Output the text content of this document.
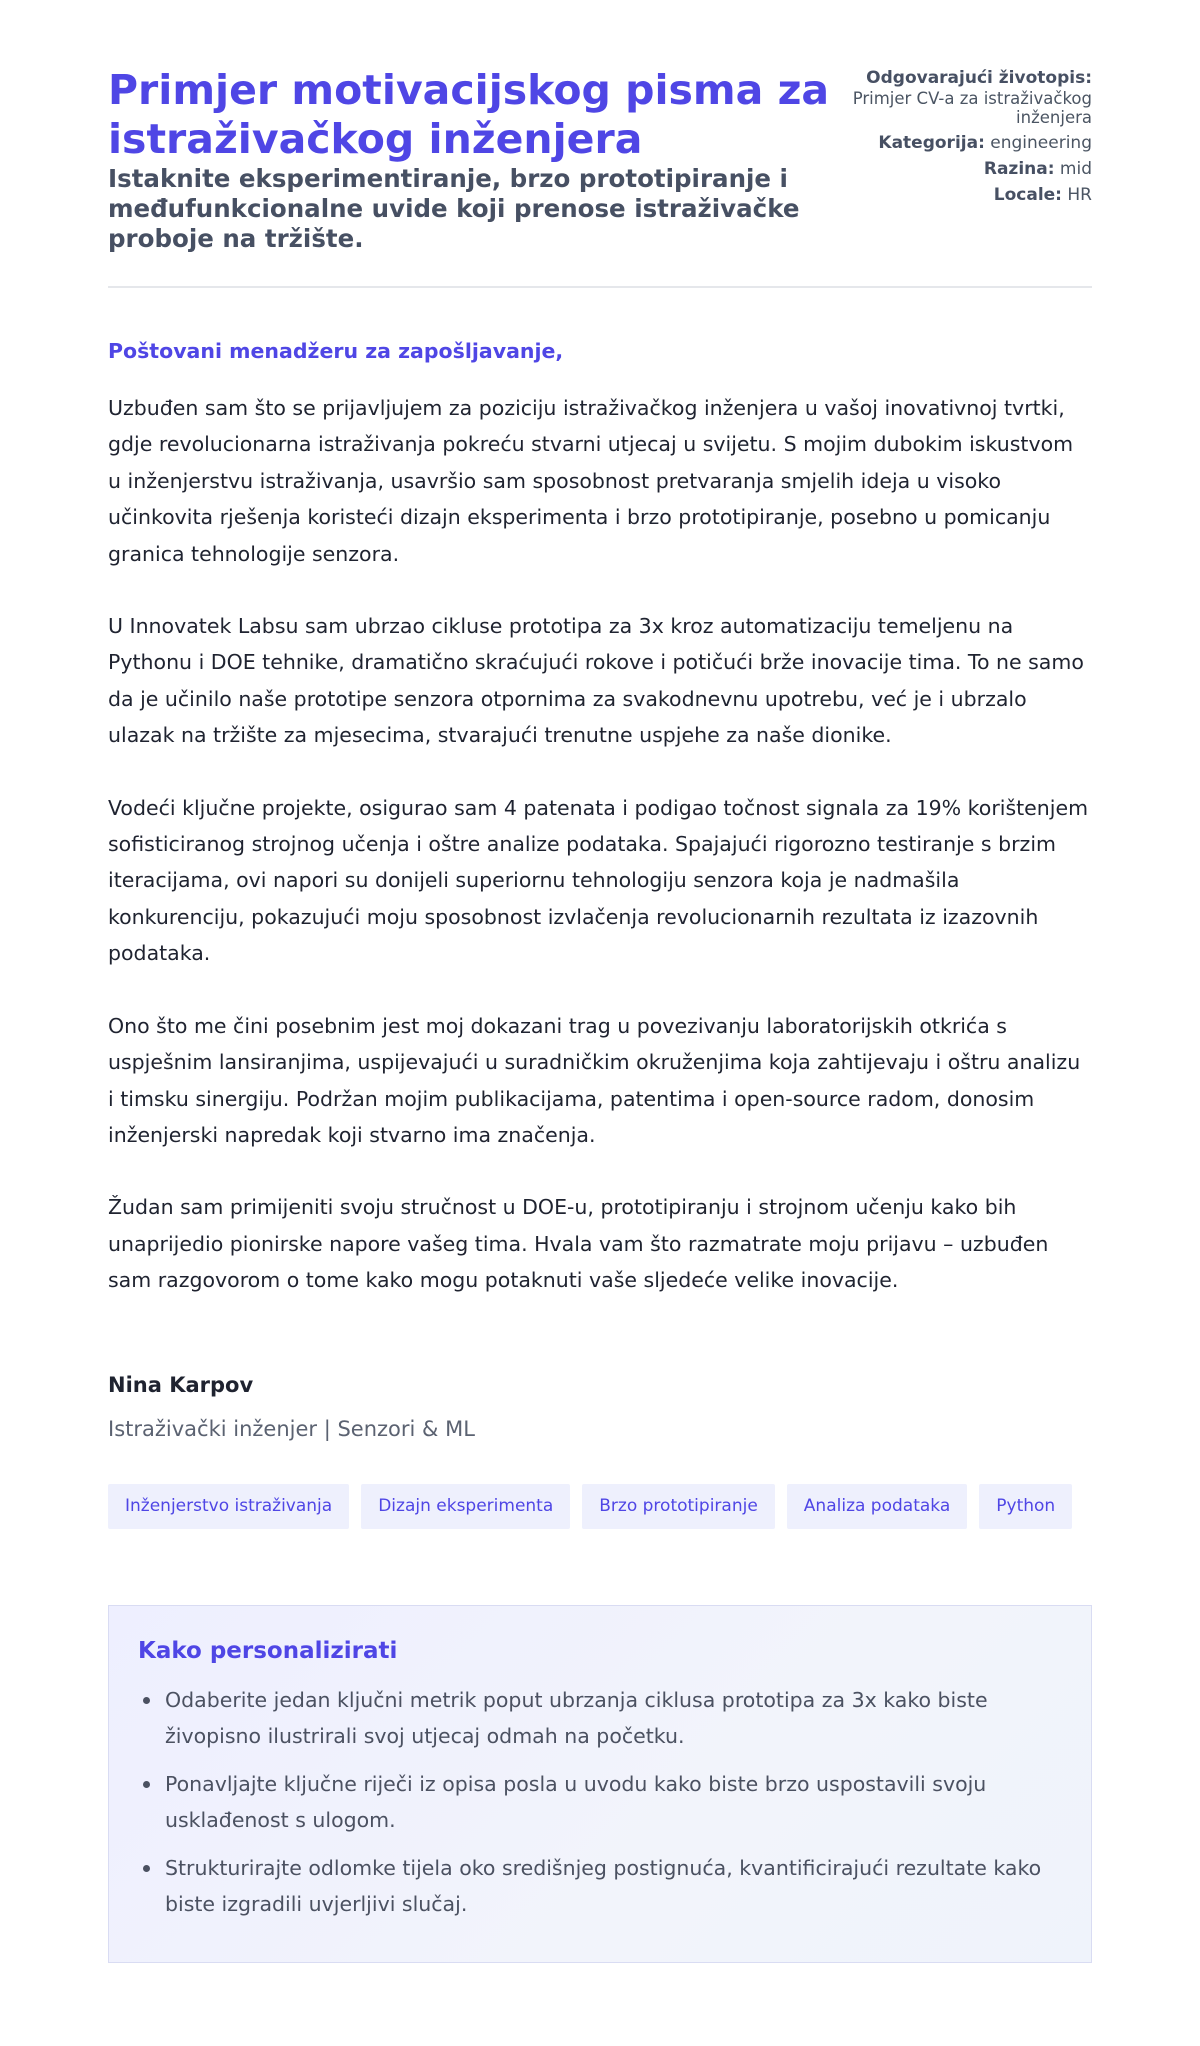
Primjer motivacijskog pisma za istraživačkog inženjera
Istaknite eksperimentiranje, brzo prototipiranje i međufunkcionalne uvide koji prenose istraživačke proboje na tržište.
Odgovarajući životopis:
Primjer CV-a za istraživačkog inženjera
Kategorija: engineering
Razina: mid
Locale: HR

Poštovani menadžeru za zapošljavanje,

Uzbuđen sam što se prijavljujem za poziciju istraživačkog inženjera u vašoj inovativnoj tvrtki, gdje revolucionarna istraživanja pokreću stvarni utjecaj u svijetu. S mojim dubokim iskustvom u inženjerstvu istraživanja, usavršio sam sposobnost pretvaranja smjelih ideja u visoko učinkovita rješenja koristeći dizajn eksperimenta i brzo prototipiranje, posebno u pomicanju granica tehnologije senzora.

U Innovatek Labsu sam ubrzao cikluse prototipa za 3x kroz automatizaciju temeljenu na Pythonu i DOE tehnike, dramatično skraćujući rokove i potičući brže inovacije tima. To ne samo da je učinilo naše prototipe senzora otpornima za svakodnevnu upotrebu, već je i ubrzalo ulazak na tržište za mjesecima, stvarajući trenutne uspjehe za naše dionike.

Vodeći ključne projekte, osigurao sam 4 patenata i podigao točnost signala za 19% korištenjem sofisticiranog strojnog učenja i oštre analize podataka. Spajajući rigorozno testiranje s brzim iteracijama, ovi napori su donijeli superiornu tehnologiju senzora koja je nadmašila konkurenciju, pokazujući moju sposobnost izvlačenja revolucionarnih rezultata iz izazovnih podataka.

Ono što me čini posebnim jest moj dokazani trag u povezivanju laboratorijskih otkrića s uspješnim lansiranjima, uspijevajući u suradničkim okruženjima koja zahtijevaju i oštru analizu i timsku sinergiju. Podržan mojim publikacijama, patentima i open-source radom, donosim inženjerski napredak koji stvarno ima značenja.

Žudan sam primijeniti svoju stručnost u DOE-u, prototipiranju i strojnom učenju kako bih unaprijedio pionirske napore vašeg tima. Hvala vam što razmatrate moju prijavu – uzbuđen sam razgovorom o tome kako mogu potaknuti vaše sljedeće velike inovacije.

Nina Karpov

Istraživački inženjer | Senzori & ML

Inženjerstvo istraživanja	Dizajn eksperimenta	Brzo prototipiranje	Analiza podataka	Python
Kako personalizirati
Odaberite jedan ključni metrik poput ubrzanja ciklusa prototipa za 3x kako biste živopisno ilustrirali svoj utjecaj odmah na početku.
Ponavljajte ključne riječi iz opisa posla u uvodu kako biste brzo uspostavili svoju usklađenost s ulogom.
Strukturirajte odlomke tijela oko središnjeg postignuća, kvantificirajući rezultate kako biste izgradili uvjerljivi slučaj.
